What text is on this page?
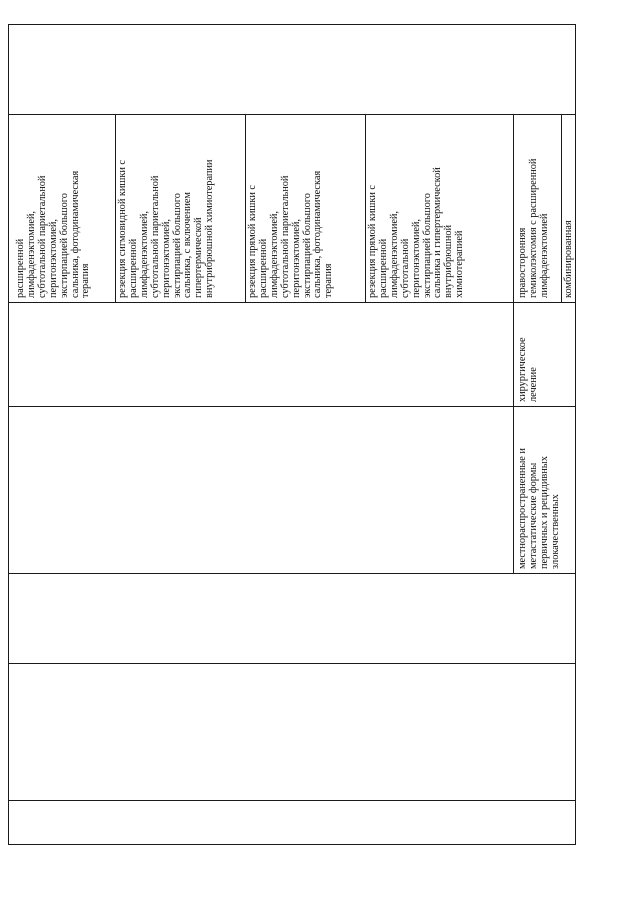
расширенной
лимфаденэктомией,
субтотальной париетальной
перитонэктомией,
экстирпацией большого
сальника, фотодинамическая
терапия резекция сигмовидной кишки с
расширенной
лимфаденэктомией,
субтотальной париетальной
перитонэктомией,
экстирпацией большого
сальника, с включением
гипертермической
внутрибрюшной химиотерапии
резекция прямой кишки с
расширенной
лимфаденэктомией,
субтотальной париетальной
перитонэктомией,
экстирпацией большого
сальника, фотодинамическая
терапия	резекция прямой кишки с
расширенной
лимфаденэктомией,
субтотальной
перитонэктомией,
экстирпацией большого
сальника и гипертермической
внутрибрюшной
химиотерапией	правосторонняя
гемиколэктомия с расширенной
лимфаденэктомией комбинированная
хирургическое
лечение
местнораспространенные и
метастатические формы
первичных и рецидивных
злокачественных
